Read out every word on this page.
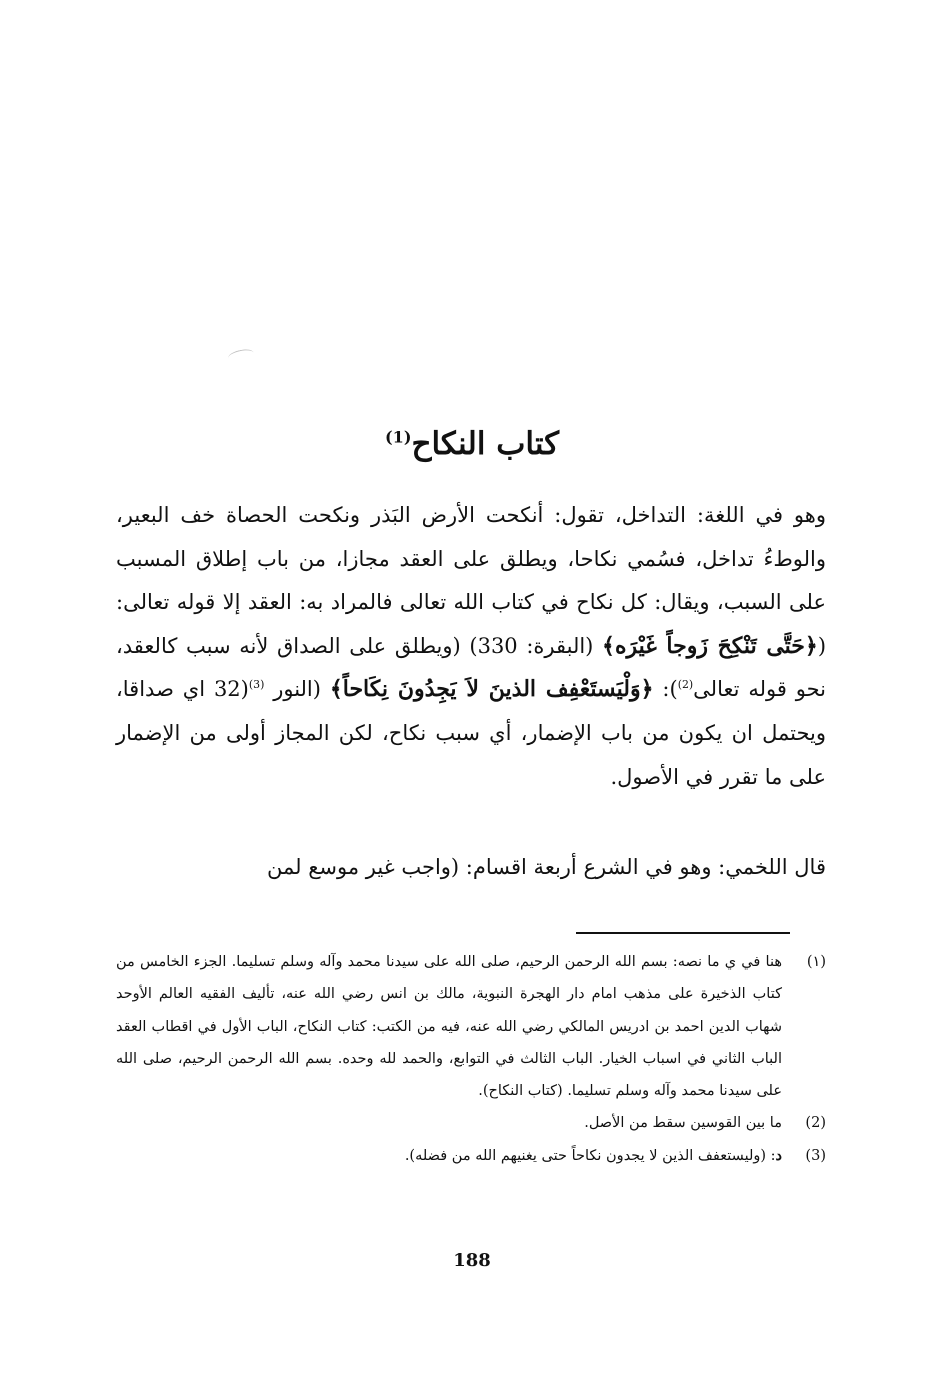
كتاب النكاح$^{(1)}$

وهو في اللغة: التداخل، تقول: أنكحت الأرض البَذر ونكحت الحصاة خف البعير، والوطءُ تداخل، فسُمي نكاحا، ويطلق على العقد مجازا، من باب إطلاق المسبب على السبب، ويقال: كل نكاح في كتاب الله تعالى فالمراد به: العقد إلا قوله تعالى: (﴿حَتَّى تَنْكِحَ زَوجاً غَيْرَه﴾ (البقرة: 330) (ويطلق على الصداق لأنه سبب كالعقد، نحو قوله تعالى$^{(2)}$): ﴿وَلْيَستَعْفِف الذينَ لاَ يَجِدُونَ نِكَاحاً﴾ (النور 32)$^{(3)}$ اي صداقا، ويحتمل ان يكون من باب الإضمار، أي سبب نكاح، لكن المجاز أولى من الإضمار على ما تقرر في الأصول.

قال اللخمي: وهو في الشرع أربعة اقسام: (واجب غير موسع لمن

(١)
هنا في ي ما نصه: بسم الله الرحمن الرحيم، صلى الله على سيدنا محمد وآله وسلم تسليما. الجزء الخامس من كتاب الذخيرة على مذهب امام دار الهجرة النبوية، مالك بن انس رضي الله عنه، تأليف الفقيه العالم الأوحد شهاب الدين احمد بن ادريس المالكي رضي الله عنه، فيه من الكتب: كتاب النكاح، الباب الأول في اقطاب العقد الباب الثاني في اسباب الخيار. الباب الثالث في التوابع، والحمد لله وحده. بسم الله الرحمن الرحيم، صلى الله على سيدنا محمد وآله وسلم تسليما. (كتاب النكاح).
(2)
ما بين القوسين سقط من الأصل.
(3)
د: (وليستعفف الذين لا يجدون نكاحاً حتى يغنيهم الله من فضله).
188
